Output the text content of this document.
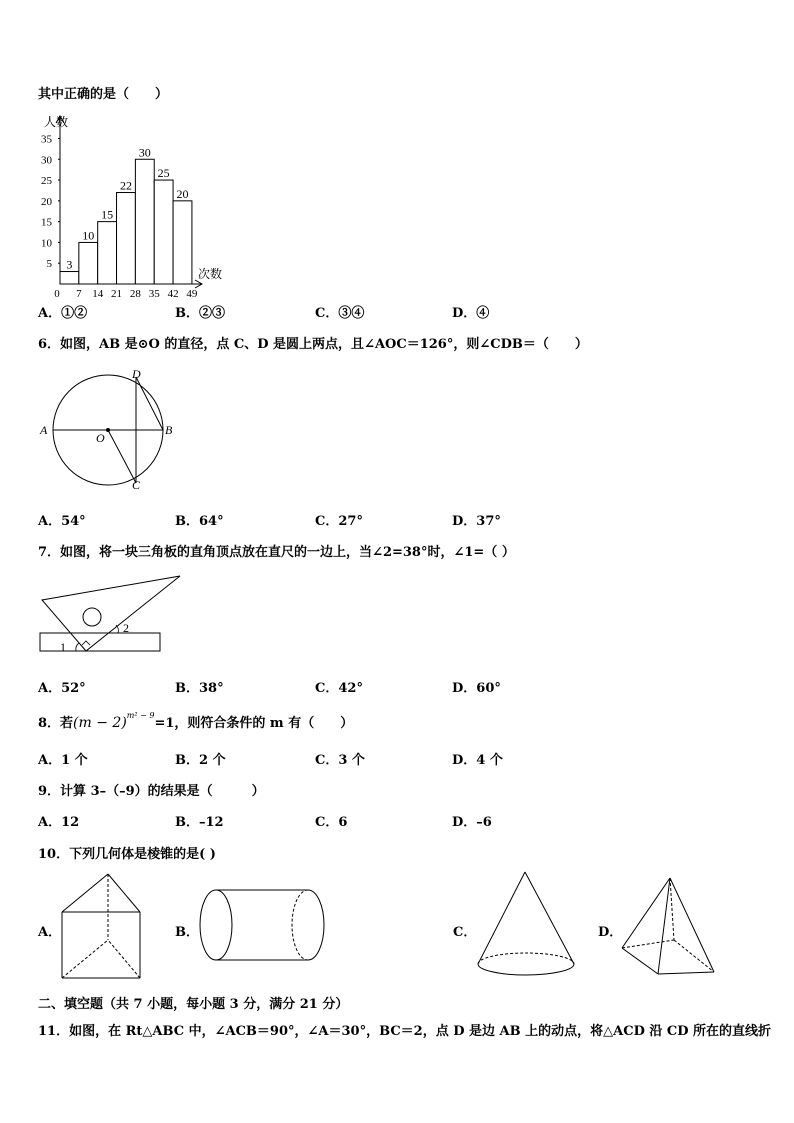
其中正确的是（　　）
人数
次数
3
10
15
22
30
25
20
5
10
15
20
25
30
35
0 7 14 21 28 35 42 49
A．①②	B．②③	C．③④	D．④
6．如图，AB 是⊙O 的直径，点 C、D 是圆上两点，且∠AOC＝126°，则∠CDB＝（　　）
A	B
O
C
D
A．54°	B．64°	C．27°	D．37°
7．如图，将一块三角板的直角顶点放在直尺的一边上，当∠2=38°时，∠1=（ ）
2
1
A．52°	B．38°	C．42°	D．60°
8．若$(m - 2)^{m^2 - 9}=1$，则符合条件的 m 有（　　）
A．1 个	B．2 个	C．3 个	D．4 个
9．计算 3–（–9）的结果是（　　　）
A．12	B．–12	C．6	D．–6
10．下列几何体是棱锥的是( )
A．	B．	C．	D．
二、填空题（共 7 小题，每小题 3 分，满分 21 分）
11．如图，在 Rt△ABC 中，∠ACB＝90°，∠A＝30°，BC＝2，点 D 是边 AB 上的动点，将△ACD 沿 CD 所在的直线折
